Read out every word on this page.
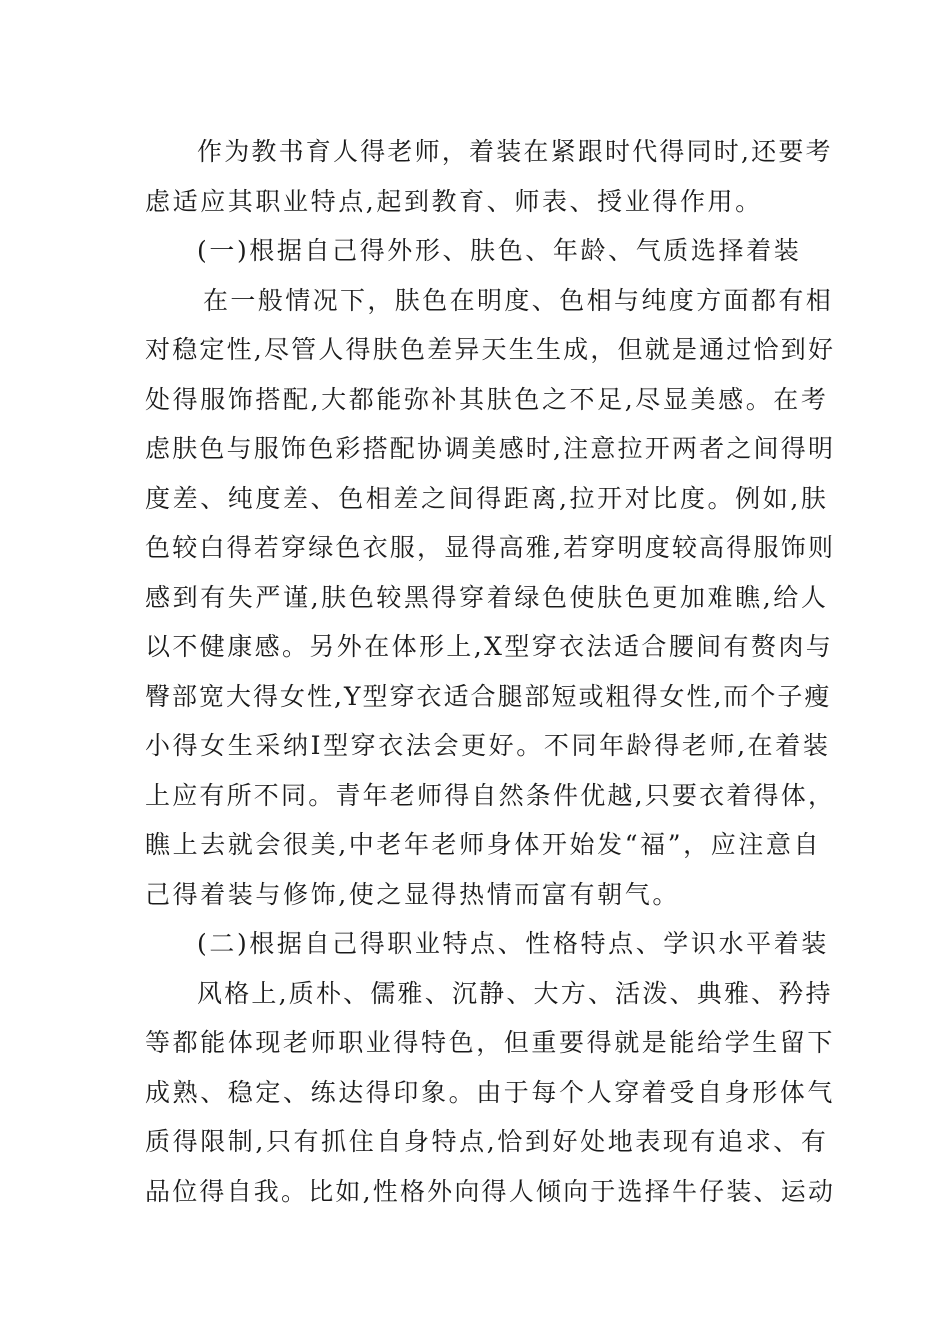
作为教书育人得老师，着装在紧跟时代得同时,还要考
虑适应其职业特点,起到教育、师表、授业得作用。
(一)根据自己得外形、肤色、年龄、气质选择着装
在一般情况下，肤色在明度、色相与纯度方面都有相
对稳定性,尽管人得肤色差异天生生成，但就是通过恰到好
处得服饰搭配,大都能弥补其肤色之不足,尽显美感。在考
虑肤色与服饰色彩搭配协调美感时,注意拉开两者之间得明
度差、纯度差、色相差之间得距离,拉开对比度。例如,肤
色较白得若穿绿色衣服，显得高雅,若穿明度较高得服饰则
感到有失严谨,肤色较黑得穿着绿色使肤色更加难瞧,给人
以不健康感。另外在体形上,X型穿衣法适合腰间有赘肉与
臀部宽大得女性,Y型穿衣适合腿部短或粗得女性,而个子瘦
小得女生采纳I型穿衣法会更好。不同年龄得老师,在着装
上应有所不同。青年老师得自然条件优越,只要衣着得体，
瞧上去就会很美,中老年老师身体开始发“福”，应注意自
己得着装与修饰,使之显得热情而富有朝气。
(二)根据自己得职业特点、性格特点、学识水平着装
风格上,质朴、儒雅、沉静、大方、活泼、典雅、矜持
等都能体现老师职业得特色，但重要得就是能给学生留下
成熟、稳定、练达得印象。由于每个人穿着受自身形体气
质得限制,只有抓住自身特点,恰到好处地表现有追求、有
品位得自我。比如,性格外向得人倾向于选择牛仔装、运动
